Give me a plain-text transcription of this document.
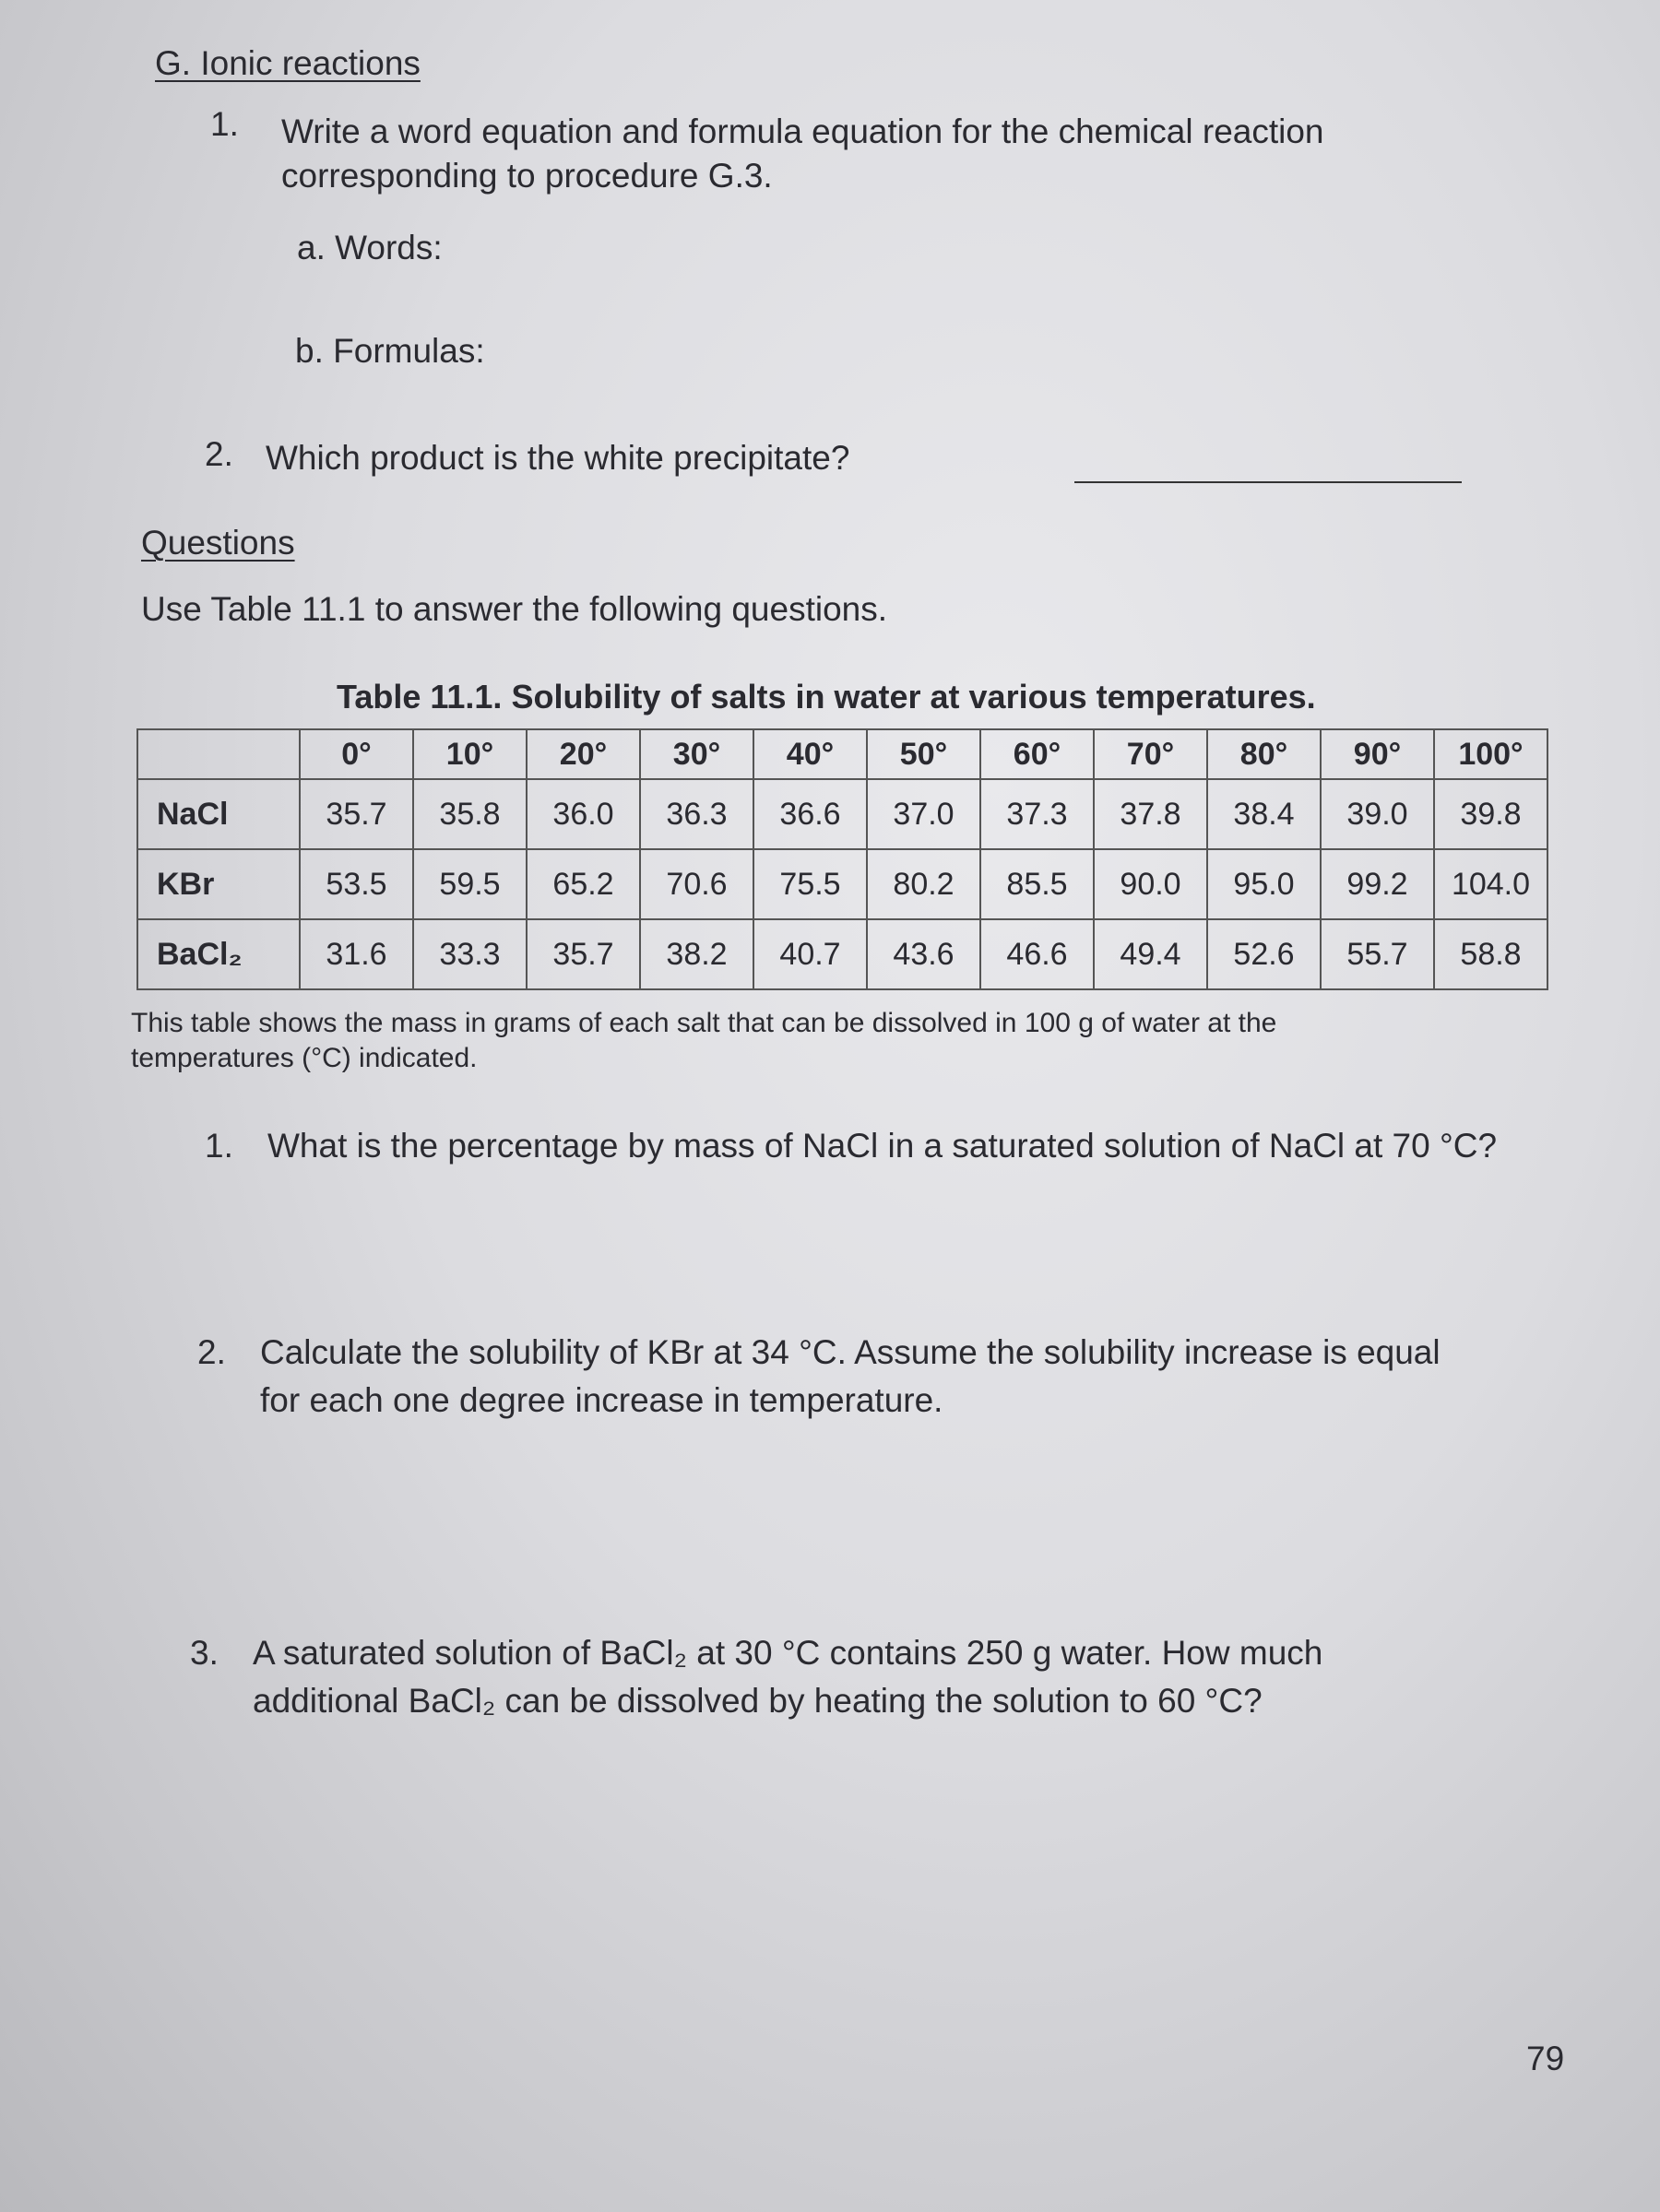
G. Ionic reactions
1. Write a word equation and formula equation for the chemical reaction
corresponding to procedure G.3.
a. Words:
b. Formulas:
2. Which product is the white precipitate?
Questions
Use Table 11.1 to answer the following questions.
Table 11.1. Solubility of salts in water at various temperatures.
	0°	10°	20°	30°	40°	50°	60°	70°	80°	90°	100°
NaCl	35.7	35.8	36.0	36.3	36.6	37.0	37.3	37.8	38.4	39.0	39.8
KBr	53.5	59.5	65.2	70.6	75.5	80.2	85.5	90.0	95.0	99.2	104.0
BaCl₂	31.6	33.3	35.7	38.2	40.7	43.6	46.6	49.4	52.6	55.7	58.8
This table shows the mass in grams of each salt that can be dissolved in 100 g of water at the
temperatures (°C) indicated.
1. What is the percentage by mass of NaCl in a saturated solution of NaCl at 70 °C?
2. Calculate the solubility of KBr at 34 °C. Assume the solubility increase is equal
for each one degree increase in temperature.
3. A saturated solution of BaCl₂ at 30 °C contains 250 g water. How much
additional BaCl₂ can be dissolved by heating the solution to 60 °C?
79
